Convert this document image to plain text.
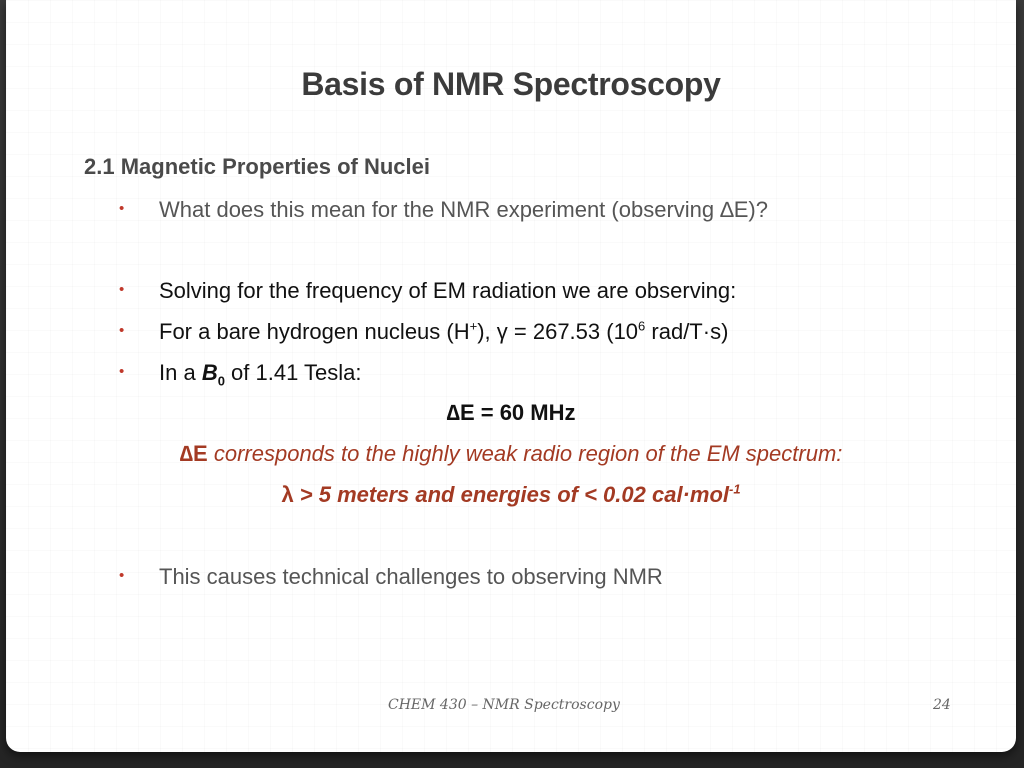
Basis of NMR Spectroscopy
2.1 Magnetic Properties of Nuclei
• What does this mean for the NMR experiment (observing ∆E)?
• Solving for the frequency of EM radiation we are observing:
• For a bare hydrogen nucleus (H+), γ = 267.53 ($10^6$ rad/T·s)
• In a $B_0$ of 1.41 Tesla:
∆E = 60 MHz
∆E corresponds to the highly weak radio region of the EM spectrum:
λ > 5 meters and energies of < 0.02 cal·mol$^{-1}$
• This causes technical challenges to observing NMR
CHEM 430 – NMR Spectroscopy	24
